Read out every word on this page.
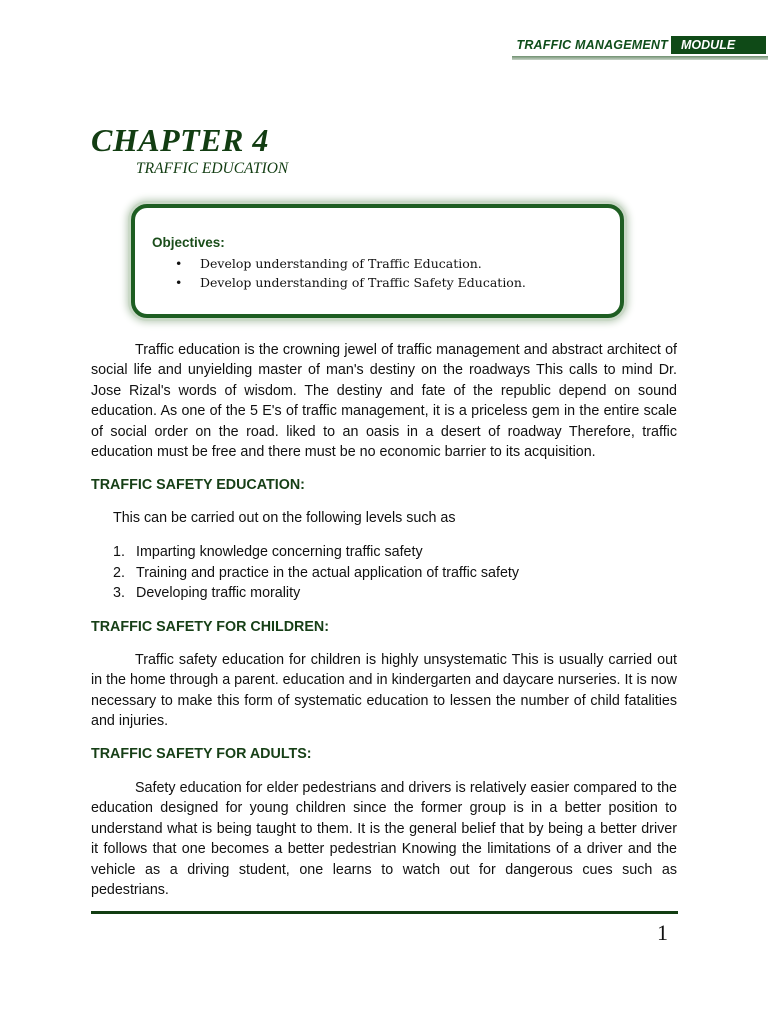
TRAFFIC MANAGEMENT	MODULE
CHAPTER 4
TRAFFIC EDUCATION
Objectives:
• Develop understanding of Traffic Education.
• Develop understanding of Traffic Safety Education.

Traffic education is the crowning jewel of traffic management and abstract architect of social life and unyielding master of man's destiny on the roadways This calls to mind Dr. Jose Rizal's words of wisdom. The destiny and fate of the republic depend on sound education. As one of the 5 E's of traffic management, it is a priceless gem in the entire scale of social order on the road. liked to an oasis in a desert of roadway Therefore, traffic education must be free and there must be no economic barrier to its acquisition.

TRAFFIC SAFETY EDUCATION:
This can be carried out on the following levels such as
1. Imparting knowledge concerning traffic safety
2. Training and practice in the actual application of traffic safety
3. Developing traffic morality
TRAFFIC SAFETY FOR CHILDREN:

Traffic safety education for children is highly unsystematic This is usually carried out in the home through a parent. education and in kindergarten and daycare nurseries. It is now necessary to make this form of systematic education to lessen the number of child fatalities and injuries.

TRAFFIC SAFETY FOR ADULTS:

Safety education for elder pedestrians and drivers is relatively easier compared to the education designed for young children since the former group is in a better position to understand what is being taught to them. It is the general belief that by being a better driver it follows that one becomes a better pedestrian Knowing the limitations of a driver and the vehicle as a driving student, one learns to watch out for dangerous cues such as pedestrians.

1
